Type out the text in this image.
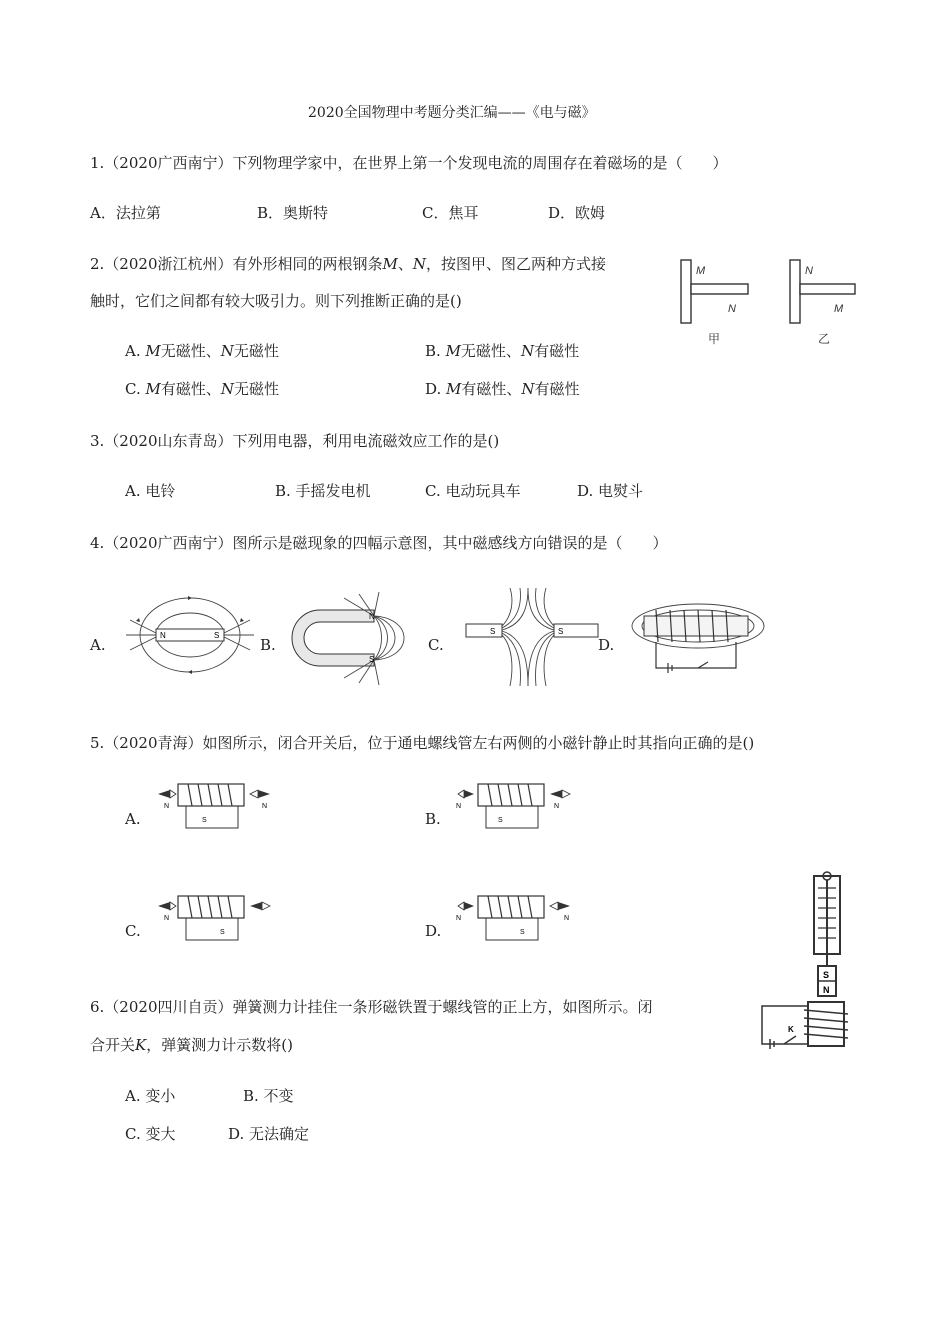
2020全国物理中考题分类汇编——《电与磁》
1.（2020广西南宁）下列物理学家中，在世界上第一个发现电流的周围存在着磁场的是（　　）
A．法拉第	B．奥斯特	C．焦耳	D．欧姆
2.（2020浙江杭州）有外形相同的两根钢条M、N，按图甲、图乙两种方式接
触时，它们之间都有较大吸引力。则下列推断正确的是()
A. M无磁性、N无磁性	B. M无磁性、N有磁性
C. M有磁性、N无磁性	D. M有磁性、N有磁性
M
N
甲
N
M
乙
3.（2020山东青岛）下列用电器，利用电流磁效应工作的是()
A. 电铃	B. 手摇发电机	C. 电动玩具车	D. 电熨斗
4.（2020广西南宁）图所示是磁现象的四幅示意图，其中磁感线方向错误的是（　　）
A.	B.	C.	D.
N	S
N
S
S	S
5.（2020青海）如图所示，闭合开关后，位于通电螺线管左右两侧的小磁针静止时其指向正确的是()
A.	B.
C.	D.
S
N	N
S
N	N
S
N
S
N	N
6.（2020四川自贡）弹簧测力计挂住一条形磁铁置于螺线管的正上方，如图所示。闭
合开关K，弹簧测力计示数将()
A. 变小	B. 不变
C. 变大	D. 无法确定
S
N
K
